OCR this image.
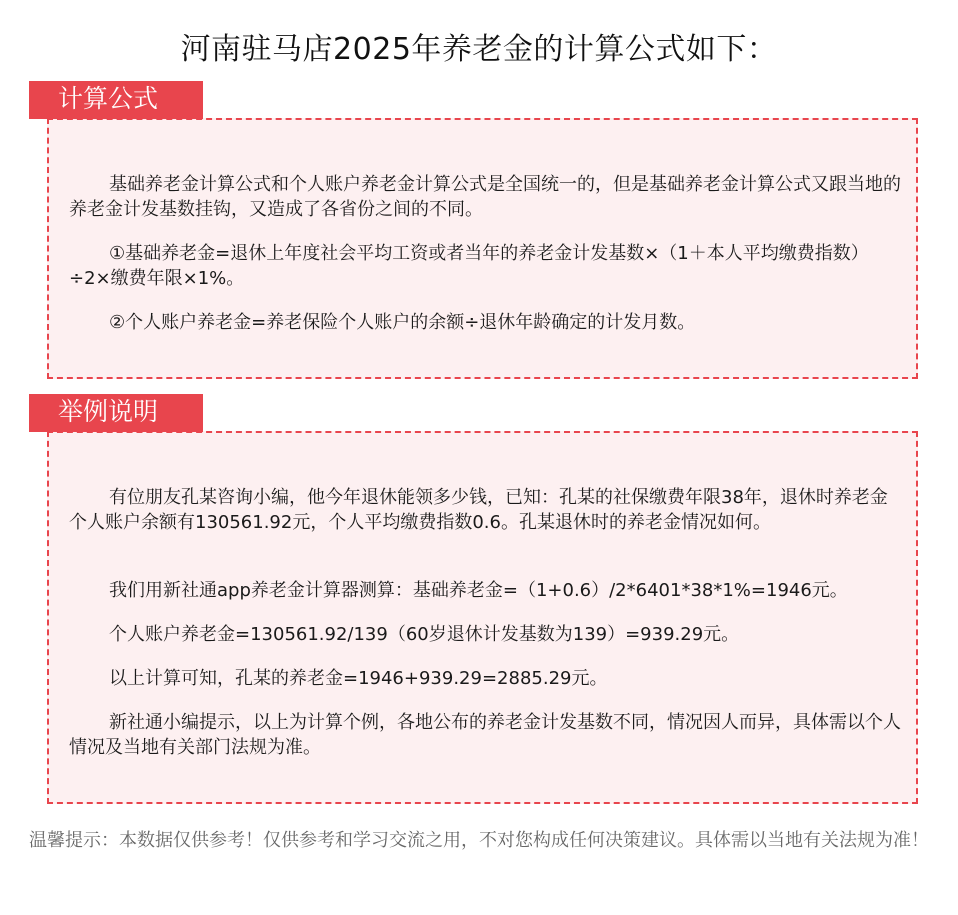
河南驻马店2025年养老金的计算公式如下：

基础养老金计算公式和个人账户养老金计算公式是全国统一的，但是基础养老金计算公式又跟当地的养老金计发基数挂钩，又造成了各省份之间的不同。

①基础养老金=退休上年度社会平均工资或者当年的养老金计发基数×（1＋本人平均缴费指数）÷2×缴费年限×1%。

②个人账户养老金=养老保险个人账户的余额÷退休年龄确定的计发月数。

计算公式

有位朋友孔某咨询小编，他今年退休能领多少钱，已知：孔某的社保缴费年限38年，退休时养老金个人账户余额有130561.92元，个人平均缴费指数0.6。孔某退休时的养老金情况如何。

我们用新社通app养老金计算器测算：基础养老金=（1+0.6）/2*6401*38*1%=1946元。

个人账户养老金=130561.92/139（60岁退休计发基数为139）=939.29元。

以上计算可知，孔某的养老金=1946+939.29=2885.29元。

新社通小编提示，以上为计算个例，各地公布的养老金计发基数不同，情况因人而异，具体需以个人情况及当地有关部门法规为准。

举例说明
温馨提示：本数据仅供参考！仅供参考和学习交流之用，不对您构成任何决策建议。具体需以当地有关法规为准！
